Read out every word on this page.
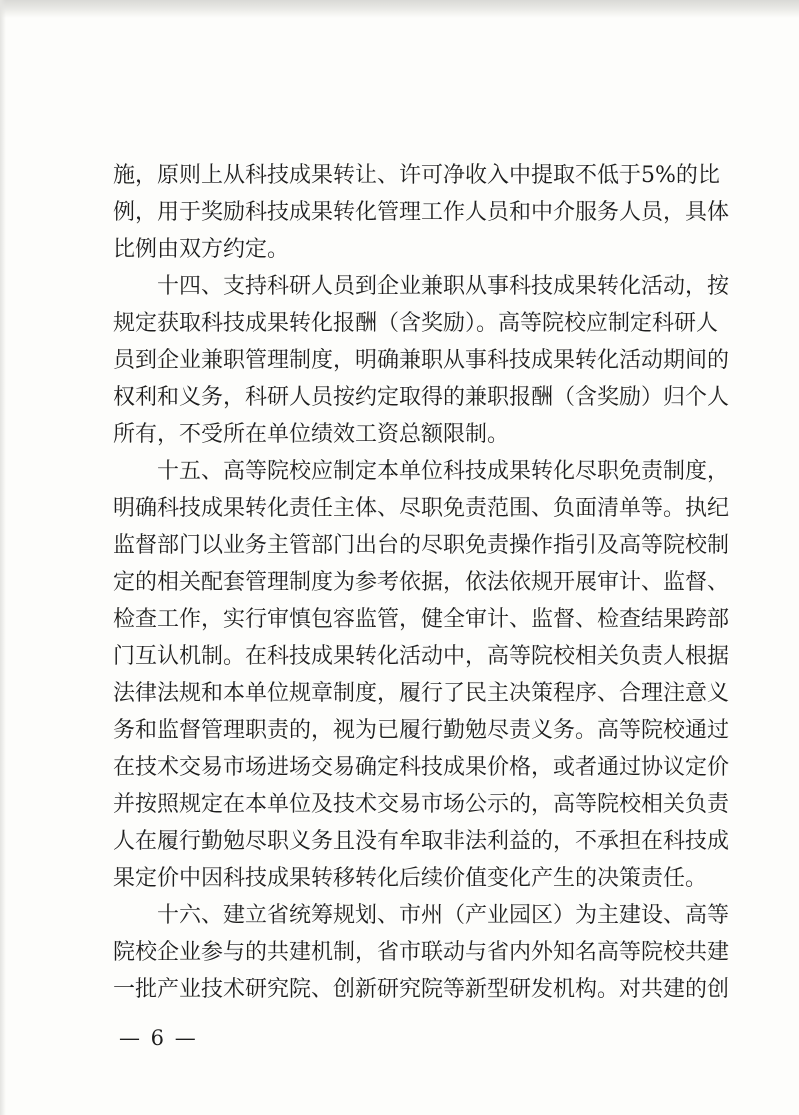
施，原则上从科技成果转让、许可净收入中提取不低于5%的比
例，用于奖励科技成果转化管理工作人员和中介服务人员，具体
比例由双方约定。
十四、支持科研人员到企业兼职从事科技成果转化活动，按
规定获取科技成果转化报酬（含奖励）。高等院校应制定科研人
员到企业兼职管理制度，明确兼职从事科技成果转化活动期间的
权利和义务，科研人员按约定取得的兼职报酬（含奖励）归个人
所有，不受所在单位绩效工资总额限制。
十五、高等院校应制定本单位科技成果转化尽职免责制度，
明确科技成果转化责任主体、尽职免责范围、负面清单等。执纪
监督部门以业务主管部门出台的尽职免责操作指引及高等院校制
定的相关配套管理制度为参考依据，依法依规开展审计、监督、
检查工作，实行审慎包容监管，健全审计、监督、检查结果跨部
门互认机制。在科技成果转化活动中，高等院校相关负责人根据
法律法规和本单位规章制度，履行了民主决策程序、合理注意义
务和监督管理职责的，视为已履行勤勉尽责义务。高等院校通过
在技术交易市场进场交易确定科技成果价格，或者通过协议定价
并按照规定在本单位及技术交易市场公示的，高等院校相关负责
人在履行勤勉尽职义务且没有牟取非法利益的，不承担在科技成
果定价中因科技成果转移转化后续价值变化产生的决策责任。
十六、建立省统筹规划、市州（产业园区）为主建设、高等
院校企业参与的共建机制，省市联动与省内外知名高等院校共建
一批产业技术研究院、创新研究院等新型研发机构。对共建的创
— 6 —
